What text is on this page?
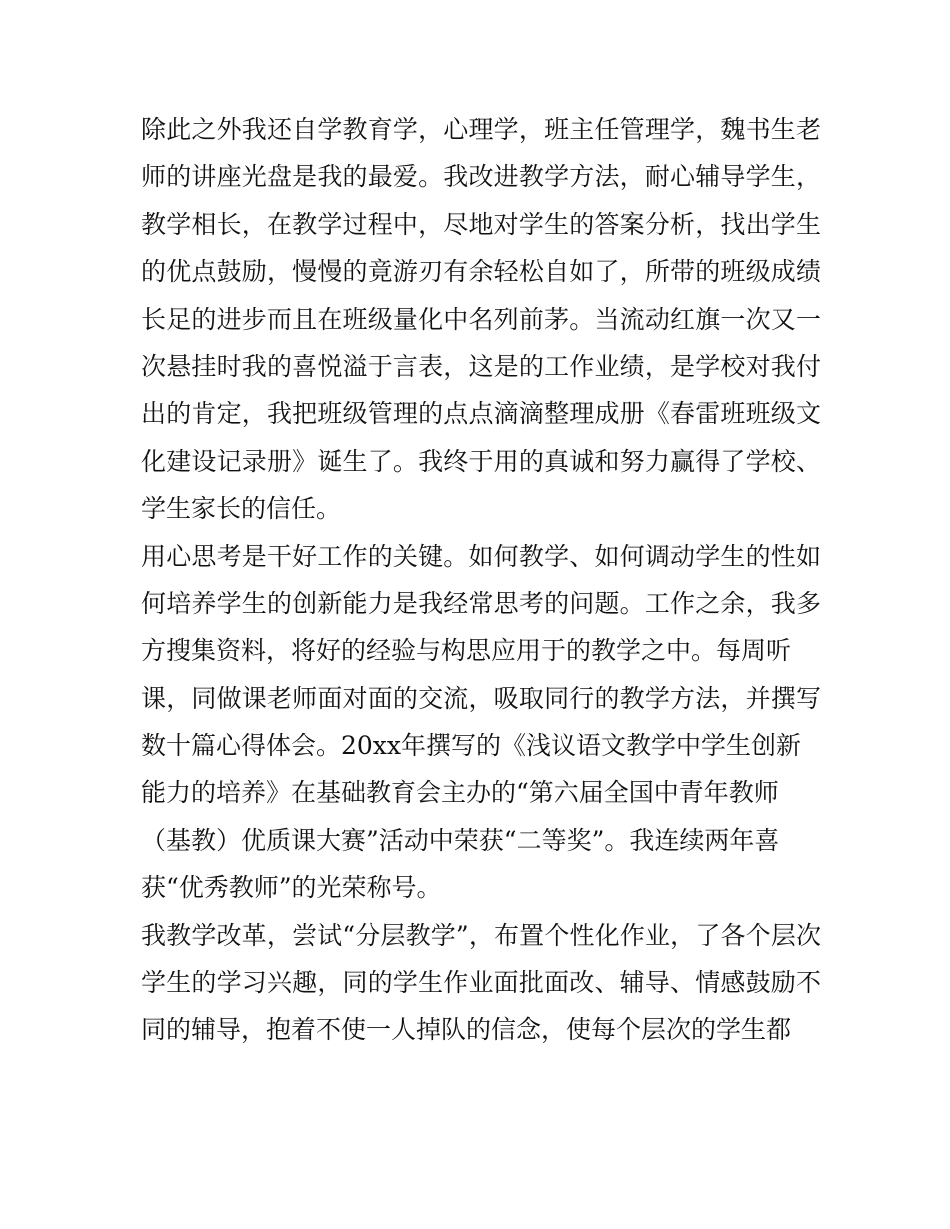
除此之外我还自学教育学，心理学，班主任管理学，魏书生老
师的讲座光盘是我的最爱。我改进教学方法，耐心辅导学生，
教学相长，在教学过程中，尽地对学生的答案分析，找出学生
的优点鼓励，慢慢的竟游刃有余轻松自如了，所带的班级成绩
长足的进步而且在班级量化中名列前茅。当流动红旗一次又一
次悬挂时我的喜悦溢于言表，这是的工作业绩，是学校对我付
出的肯定，我把班级管理的点点滴滴整理成册《春雷班班级文
化建设记录册》诞生了。我终于用的真诚和努力赢得了学校、
学生家长的信任。
用心思考是干好工作的关键。如何教学、如何调动学生的性如
何培养学生的创新能力是我经常思考的问题。工作之余，我多
方搜集资料，将好的经验与构思应用于的教学之中。每周听
课，同做课老师面对面的交流，吸取同行的教学方法，并撰写
数十篇心得体会。20xx年撰写的《浅议语文教学中学生创新
能力的培养》在基础教育会主办的“第六届全国中青年教师
（基教）优质课大赛”活动中荣获“二等奖”。我连续两年喜
获“优秀教师”的光荣称号。
我教学改革，尝试“分层教学”，布置个性化作业，了各个层次
学生的学习兴趣，同的学生作业面批面改、辅导、情感鼓励不
同的辅导，抱着不使一人掉队的信念，使每个层次的学生都
